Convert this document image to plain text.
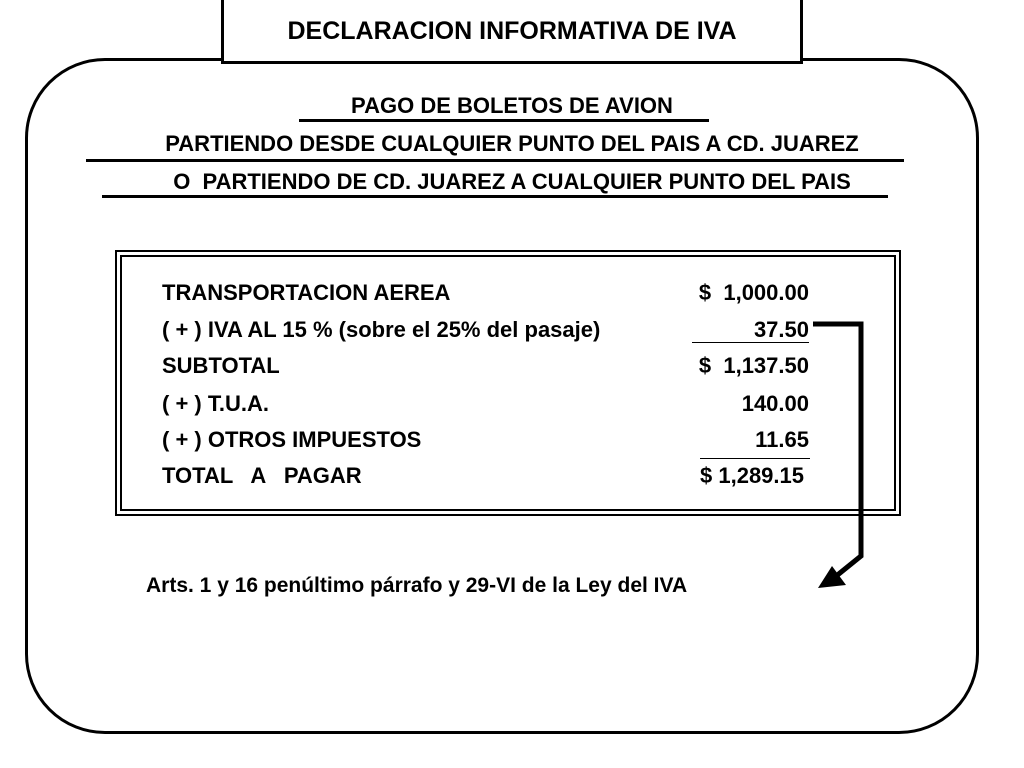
DECLARACION INFORMATIVA DE IVA
PAGO DE BOLETOS DE AVION
PARTIENDO DESDE CUALQUIER PUNTO DEL PAIS A CD. JUAREZ
O  PARTIENDO DE CD. JUAREZ A CUALQUIER PUNTO DEL PAIS
TRANSPORTACION AEREA	$  1,000.00
( + ) IVA AL 15 % (sobre el 25% del pasaje)	37.50
SUBTOTAL	$  1,137.50
( + ) T.U.A.	140.00
( + ) OTROS IMPUESTOS	11.65
TOTAL   A   PAGAR	$ 1,289.15
Arts. 1 y 16 penúltimo párrafo y 29-VI de la Ley del IVA
